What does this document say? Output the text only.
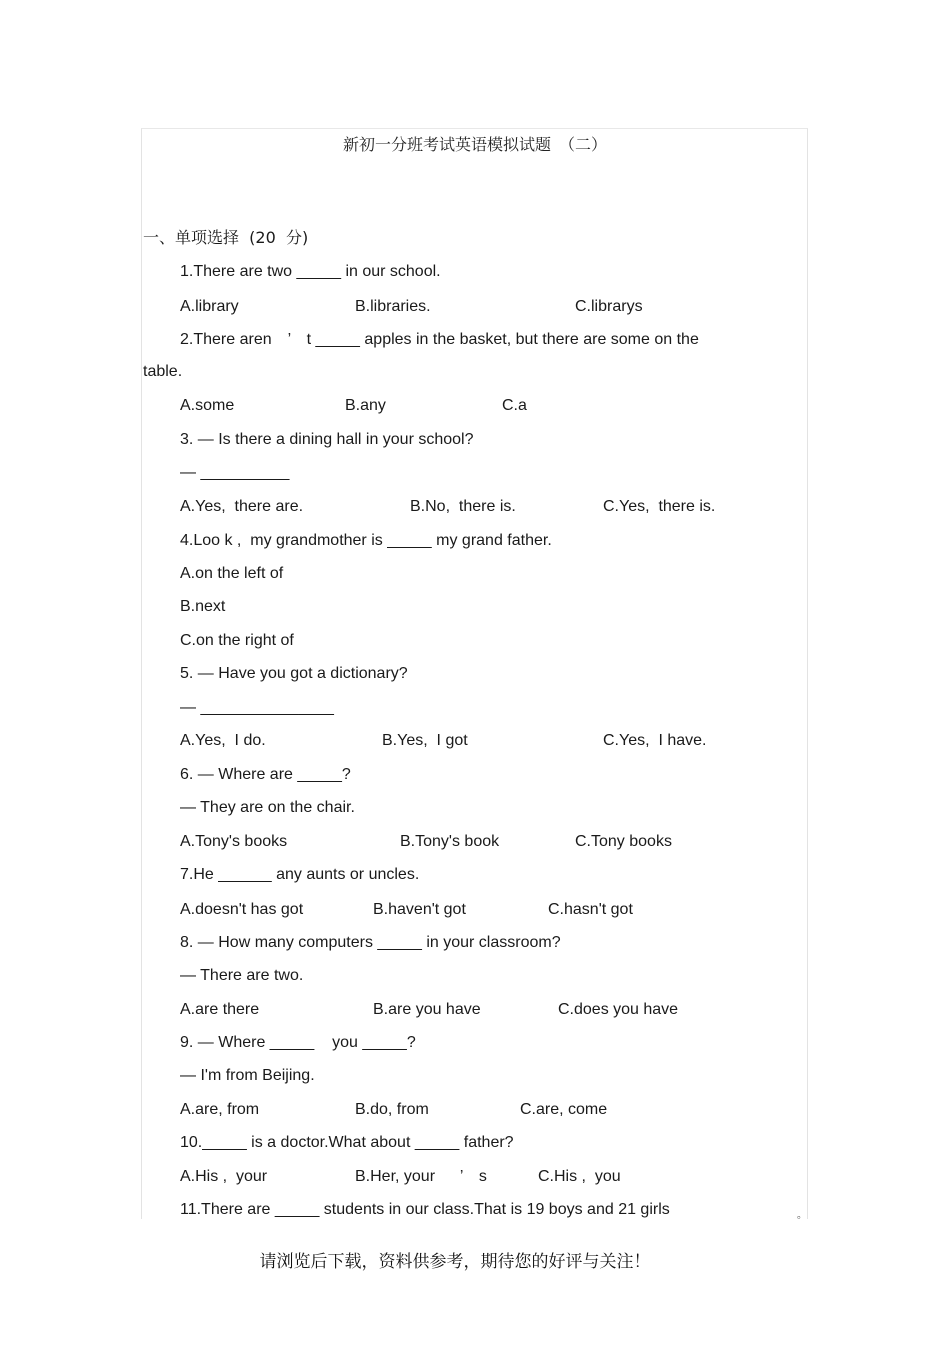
新初一分班考试英语模拟试题　（二）
一、单项选择  (20  分)
1.There are two _____ in our school.
A.library	B.libraries.	C.librarys
2.There aren　’　t _____ apples in the basket, but there are some on the
table.
A.some	B.any	C.a
3. — Is there a dining hall in your school?
— __________
A.Yes,  there are.	B.No,  there is.	C.Yes,  there is.
4.Loo k ,  my grandmother is _____ my grand father.
A.on the left of
B.next
C.on the right of
5. — Have you got a dictionary?
— _______________
A.Yes,  I do.	B.Yes,  I got	C.Yes,  I have.
6. — Where are _____?
— They are on the chair.
A.Tony's books	B.Tony's book	C.Tony books
7.He ______ any aunts or uncles.
A.doesn't has got	B.haven't got	C.hasn't got
8. — How many computers _____ in your classroom?
— There are two.
A.are there	B.are you have	C.does you have
9. — Where _____    you _____?
— I'm from Beijing.
A.are, from	B.do, from	C.are, come
10._____ is a doctor.What about _____ father?
A.His ,  your	B.Her, your  　’　s	C.His ,  you
11.There are _____ students in our class.That is 19 boys and 21 girls	。
请浏览后下载，资料供参考，期待您的好评与关注！
